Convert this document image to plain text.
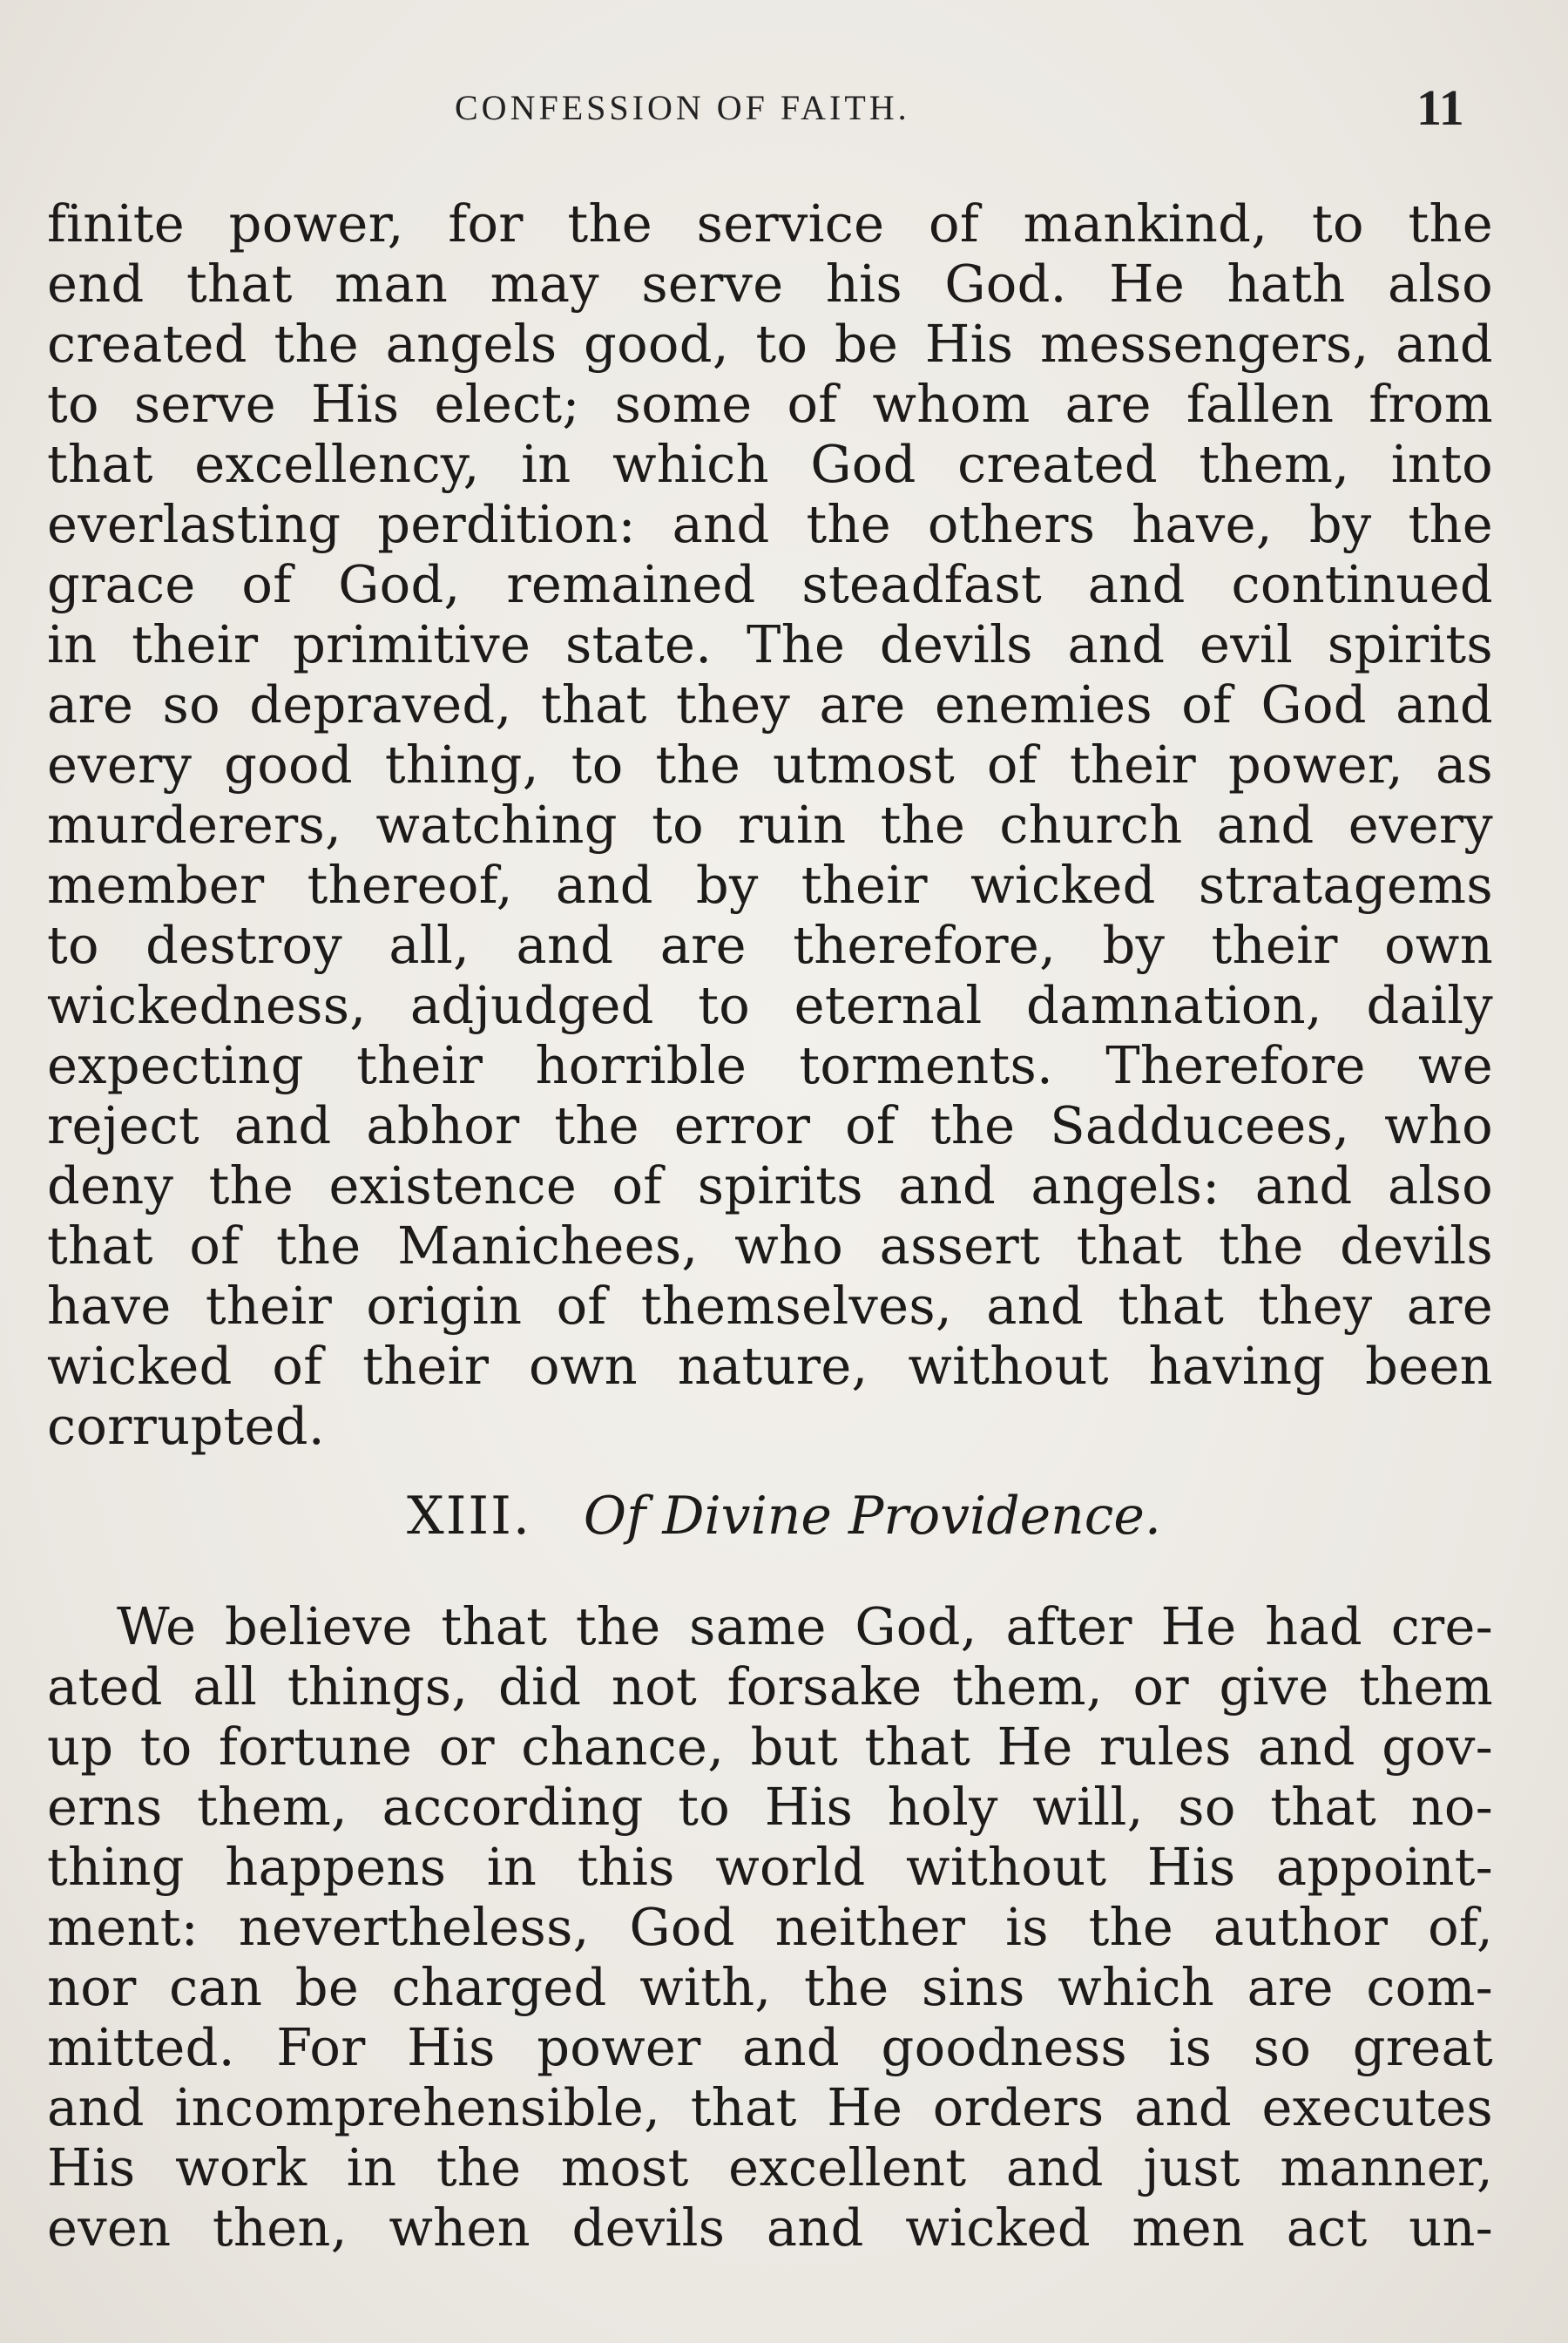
CONFESSION OF FAITH.	11
finite power, for the service of mankind, to the
end that man may serve his God. He hath also
created the angels good, to be His messengers, and
to serve His elect; some of whom are fallen from
that excellency, in which God created them, into
everlasting perdition: and the others have, by the
grace of God, remained steadfast and continued
in their primitive state. The devils and evil spirits
are so depraved, that they are enemies of God and
every good thing, to the utmost of their power, as
murderers, watching to ruin the church and every
member thereof, and by their wicked stratagems
to destroy all, and are therefore, by their own
wickedness, adjudged to eternal damnation, daily
expecting their horrible torments. Therefore we
reject and abhor the error of the Sadducees, who
deny the existence of spirits and angels: and also
that of the Manichees, who assert that the devils
have their origin of themselves, and that they are
wicked of their own nature, without having been
corrupted.
XIII. Of Divine Providence.
We believe that the same God, after He had cre-
ated all things, did not forsake them, or give them
up to fortune or chance, but that He rules and gov-
erns them, according to His holy will, so that no-
thing happens in this world without His appoint-
ment: nevertheless, God neither is the author of,
nor can be charged with, the sins which are com-
mitted. For His power and goodness is so great
and incomprehensible, that He orders and executes
His work in the most excellent and just manner,
even then, when devils and wicked men act un-
